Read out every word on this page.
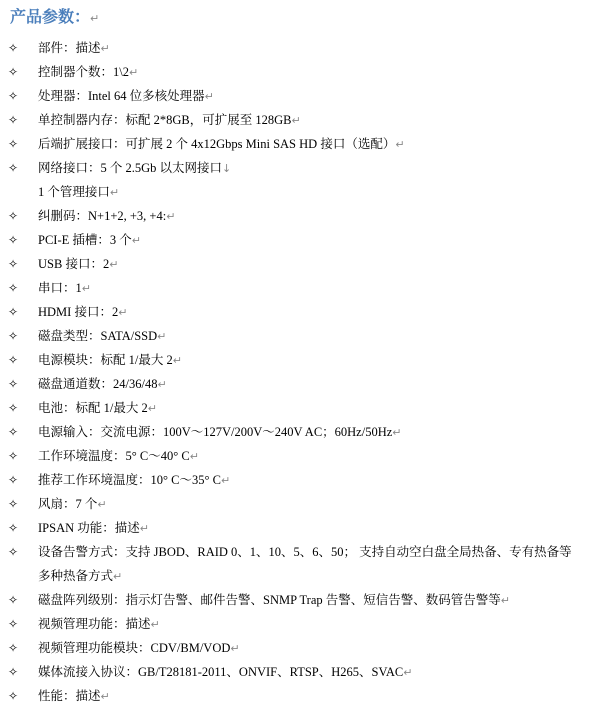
产品参数：↵
✧	部件：描述↵
✧	控制器个数：1\2↵
✧	处理器：Intel 64 位多核处理器↵
✧	单控制器内存：标配 2*8GB，可扩展至 128GB↵
✧	后端扩展接口：可扩展 2 个 4x12Gbps Mini SAS HD 接口（选配）↵
✧	网络接口：5 个 2.5Gb 以太网接口↓
1 个管理接口↵
✧	纠删码：N+1+2, +3, +4:↵
✧	PCI-E 插槽：3 个↵
✧	USB 接口：2↵
✧	串口：1↵
✧	HDMI 接口：2↵
✧	磁盘类型：SATA/SSD↵
✧	电源模块：标配 1/最大 2↵
✧	磁盘通道数：24/36/48↵
✧	电池：标配 1/最大 2↵
✧	电源输入：交流电源：100V～127V/200V～240V AC；60Hz/50Hz↵
✧	工作环境温度：5° C～40° C↵
✧	推荐工作环境温度：10° C～35° C↵
✧	风扇：7 个↵
✧	IPSAN 功能：描述↵
✧	设备告警方式：支持 JBOD、RAID 0、1、10、5、6、50； 支持自动空白盘全局热备、专有热备等多种热备方式↵
✧	磁盘阵列级别：指示灯告警、邮件告警、SNMP Trap 告警、短信告警、数码管告警等↵
✧	视频管理功能：描述↵
✧	视频管理功能模块：CDV/BM/VOD↵
✧	媒体流接入协议：GB/T28181-2011、ONVIF、RTSP、H265、SVAC↵
✧	性能：描述↵
